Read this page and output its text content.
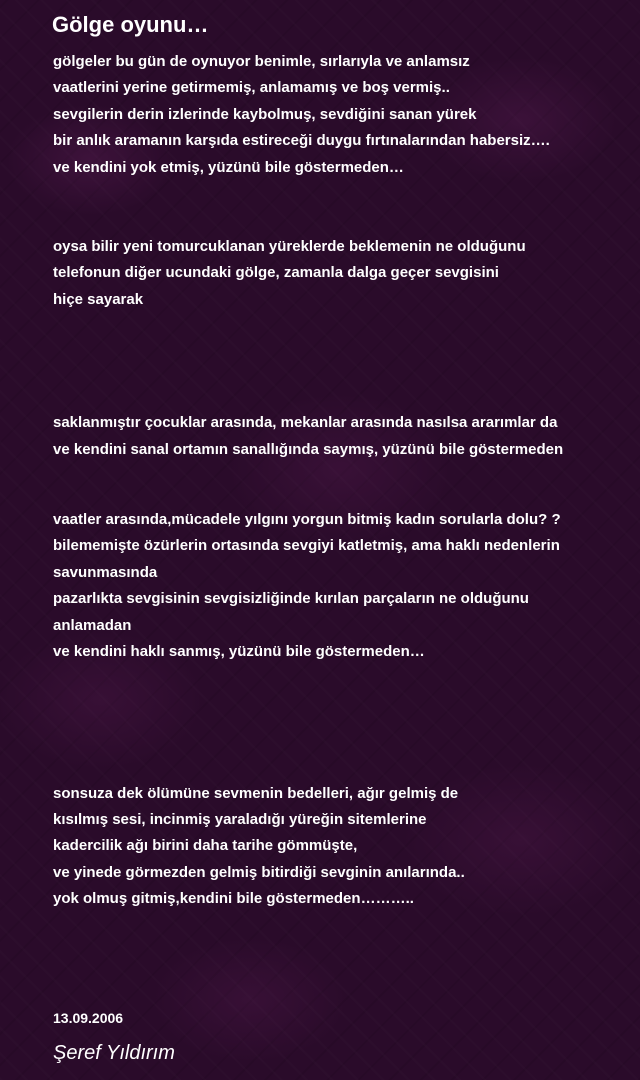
Gölge oyunu…
gölgeler bu gün de oynuyor benimle, sırlarıyla ve anlamsız
vaatlerini yerine getirmemiş, anlamamış ve boş vermiş..
sevgilerin derin izlerinde kaybolmuş, sevdiğini sanan yürek
bir anlık aramanın karşıda estireceği duygu fırtınalarından habersiz….
ve kendini yok etmiş, yüzünü bile göstermeden…
oysa bilir yeni tomurcuklanan yüreklerde beklemenin ne olduğunu
telefonun diğer ucundaki gölge, zamanla dalga geçer sevgisini
hiçe sayarak
saklanmıştır çocuklar arasında, mekanlar arasında nasılsa ararımlar da
ve kendini sanal ortamın sanallığında saymış, yüzünü bile göstermeden
vaatler arasında,mücadele yılgını yorgun bitmiş kadın sorularla dolu? ?
bilememişte özürlerin ortasında sevgiyi katletmiş, ama haklı nedenlerin
savunmasında
pazarlıkta sevgisinin sevgisizliğinde kırılan parçaların ne olduğunu
anlamadan
ve kendini haklı sanmış, yüzünü bile göstermeden…
sonsuza dek ölümüne sevmenin bedelleri, ağır gelmiş de
kısılmış sesi, incinmiş yaraladığı yüreğin sitemlerine
kadercilik ağı birini daha tarihe gömmüşte,
ve yinede görmezden gelmiş bitirdiği sevginin anılarında..
yok olmuş gitmiş,kendini bile göstermeden………..
13.09.2006
Şeref Yıldırım
